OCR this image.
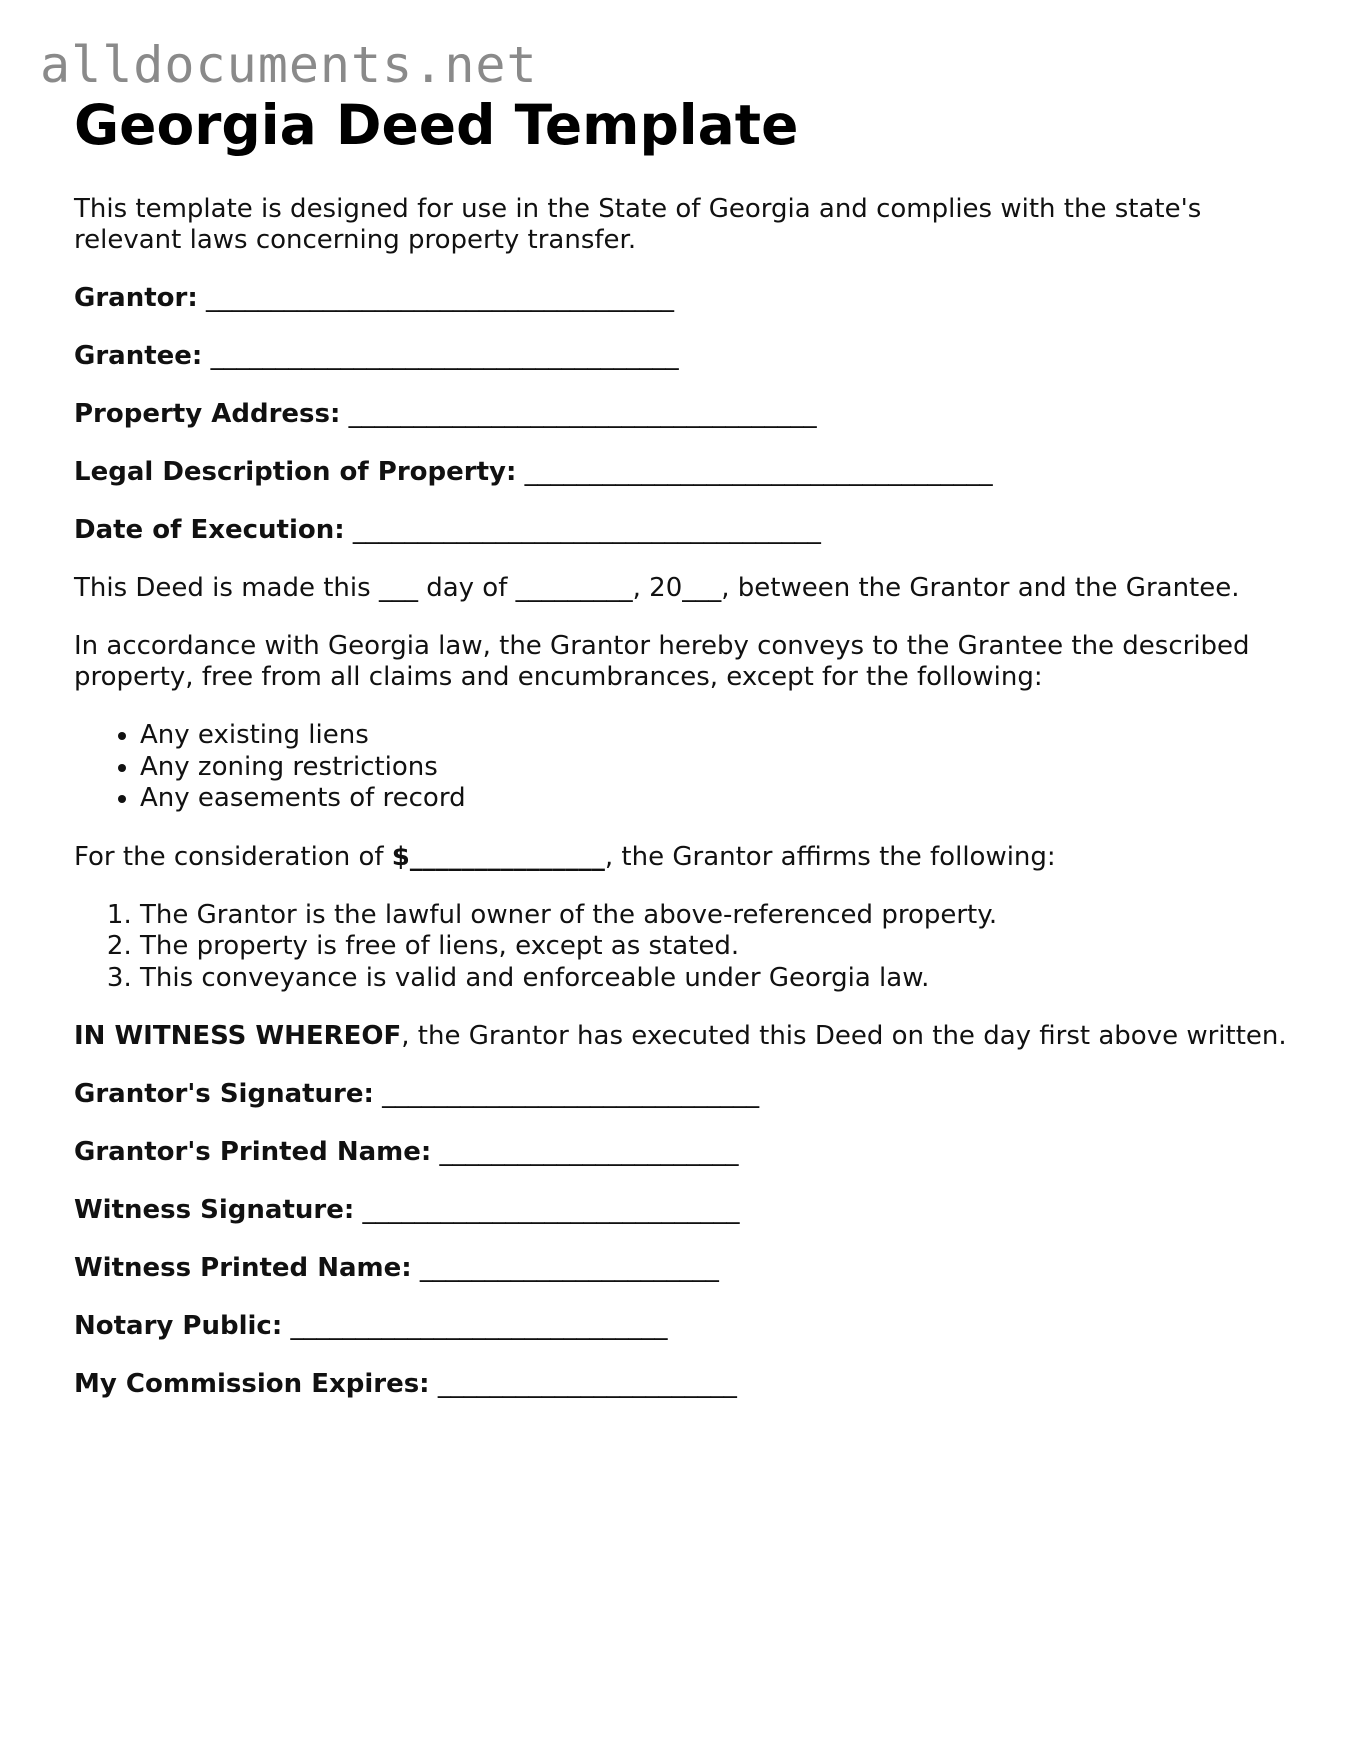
alldocuments.net
Georgia Deed Template

This template is designed for use in the State of Georgia and complies with the state's relevant laws concerning property transfer.

Grantor: ____________________________________
Grantee: ____________________________________
Property Address: ____________________________________
Legal Description of Property: ____________________________________
Date of Execution: ____________________________________

This Deed is made this ___ day of _________, 20___, between the Grantor and the Grantee.

In accordance with Georgia law, the Grantor hereby conveys to the Grantee the described property, free from all claims and encumbrances, except for the following:

• Any existing liens
• Any zoning restrictions
• Any easements of record

For the consideration of $_______________, the Grantor affirms the following:

1. The Grantor is the lawful owner of the above-referenced property.
2. The property is free of liens, except as stated.
3. This conveyance is valid and enforceable under Georgia law.

IN WITNESS WHEREOF, the Grantor has executed this Deed on the day first above written.

Grantor's Signature: _____________________________
Grantor's Printed Name: _______________________
Witness Signature: _____________________________
Witness Printed Name: _______________________
Notary Public: _____________________________
My Commission Expires: _______________________
